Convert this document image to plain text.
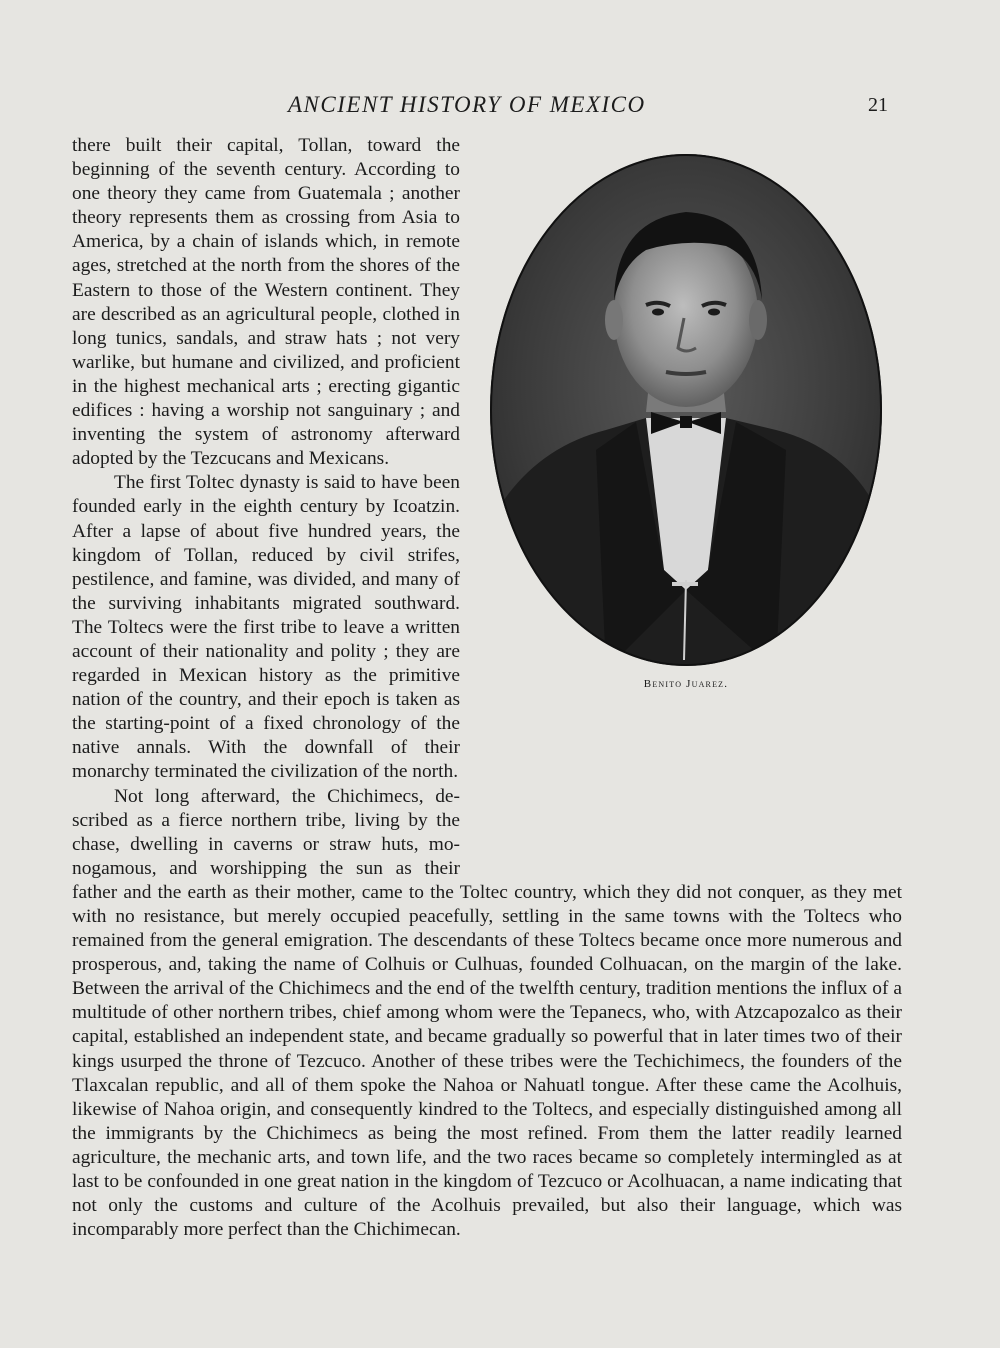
ANCIENT HISTORY OF MEXICO	21
Benito Juarez.

there built their capital, Tollan, toward the beginning of the seventh century. According to one theory they came from Guatemala ; another theory represents them as crossing from Asia to America, by a chain of islands which, in remote ages, stretched at the north from the shores of the Eastern to those of the Western continent. They are described as an agricultural people, clothed in long tunics, sandals, and straw hats ; not very warlike, but humane and civilized, and proficient in the highest mechanical arts ; erecting gigantic edifices : having a worship not sanguinary ; and inventing the system of astronomy afterward adopted by the Tezcucans and Mexicans.

The first Toltec dynasty is said to have been founded early in the eighth century by Icoatzin. After a lapse of about five hundred years, the kingdom of Tollan, reduced by civil strifes, pestilence, and famine, was divided, and many of the surviving inhabitants migrated southward. The Toltecs were the first tribe to leave a written account of their nationality and polity ; they are regarded in Mexican history as the primitive nation of the country, and their epoch is taken as the starting-point of a fixed chronology of the native annals. With the downfall of their monarchy terminated the civilization of the north.

Not long afterward, the Chichimecs, de-scribed as a fierce northern tribe, living by the chase, dwelling in caverns or straw huts, mo-nogamous, and worshipping the sun as their father and the earth as their mother, came to the Toltec country, which they did not conquer, as they met with no resistance, but merely occupied peacefully, settling in the same towns with the Toltecs who remained from the general emigration. The descendants of these Toltecs became once more numerous and prosperous, and, taking the name of Colhuis or Culhuas, founded Colhuacan, on the margin of the lake. Between the arrival of the Chichimecs and the end of the twelfth century, tradition mentions the influx of a multitude of other northern tribes, chief among whom were the Tepanecs, who, with Atzcapozalco as their capital, established an independent state, and became gradually so powerful that in later times two of their kings usurped the throne of Tezcuco. Another of these tribes were the Techichimecs, the founders of the Tlaxcalan republic, and all of them spoke the Nahoa or Nahuatl tongue. After these came the Acolhuis, likewise of Nahoa origin, and consequently kindred to the Toltecs, and especially distinguished among all the immigrants by the Chichimecs as being the most refined. From them the latter readily learned agriculture, the mechanic arts, and town life, and the two races became so completely intermingled as at last to be confounded in one great nation in the kingdom of Tezcuco or Acolhuacan, a name indicating that not only the customs and culture of the Acolhuis prevailed, but also their language, which was incomparably more perfect than the Chichimecan.
